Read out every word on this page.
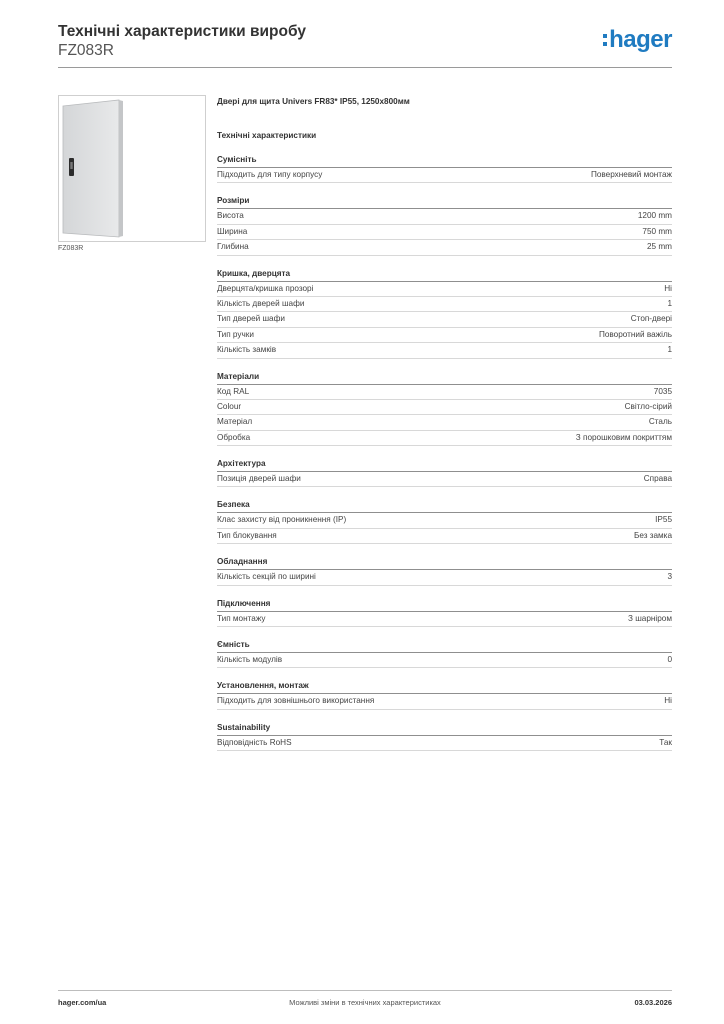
Технічні характеристики виробу
FZ083R	hager
FZ083R
Двері для щита Univers FR83* IP55, 1250x800мм
Технічні характеристики
Сумісніть
Підходить для типу корпусу	Поверхневий монтаж
Розміри
Висота	1200 mm
Ширина	750 mm
Глибина	25 mm
Кришка, дверцята
Дверцята/кришка прозорі	Ні
Кількість дверей шафи	1
Тип дверей шафи	Стоп-двері
Тип ручки	Поворотний важіль
Кількість замків	1
Матеріали
Код RAL	7035
Colour	Світло-сірий
Матеріал	Сталь
Обробка	З порошковим покриттям
Архітектура
Позиція дверей шафи	Справа
Безпека
Клас захисту від проникнення (IP)	IP55
Тип блокування	Без замка
Обладнання
Кількість секцій по ширині	3
Підключення
Тип монтажу	З шарніром
Ємність
Кількість модулів	0
Установлення, монтаж
Підходить для зовнішнього використання	Ні
Sustainability
Відповідність RoHS	Так
hager.com/ua	Можливі зміни в технічних характеристиках	03.03.2026
